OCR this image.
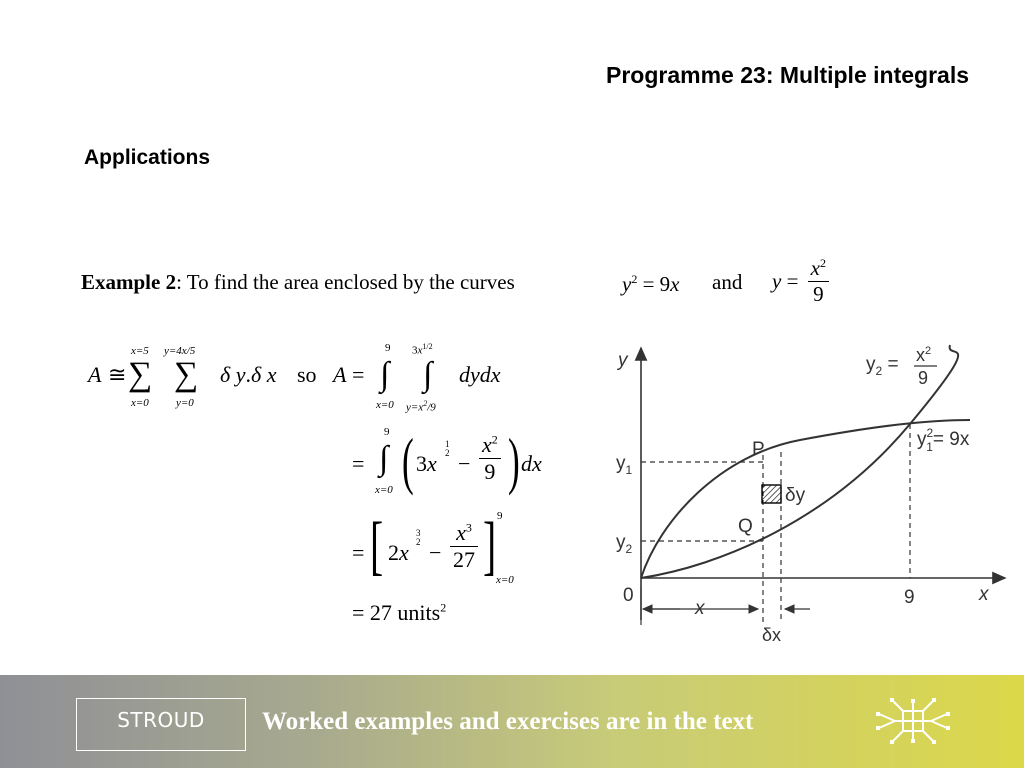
Programme 23: Multiple integrals
Applications
Example 2: To find the area enclosed by the curves	$y^2 = 9x$ and $y = \frac{x^2}{9}$
A ≅
x=5
∑
x=0
y=4x/5
∑
y=0
δ y.δ x so A =
9
∫
x=0
$3x^{1/2}$
∫
$y=x^2/9$
dydx
=
9
∫
x=0 ( 3x
1
$2 - \frac{x^2}{9}$ ) dx
= [ 2x
3
$2 - \frac{x^3}{27}$ ] 9
x=0
= 27 units$^2$
y
x
0	9
$y_1$
$y_2$
P
Q
δy
δx
x
$y_2 = x^2$
9
$y^2$ 1= 9x
STROUD	Worked examples and exercises are in the text
